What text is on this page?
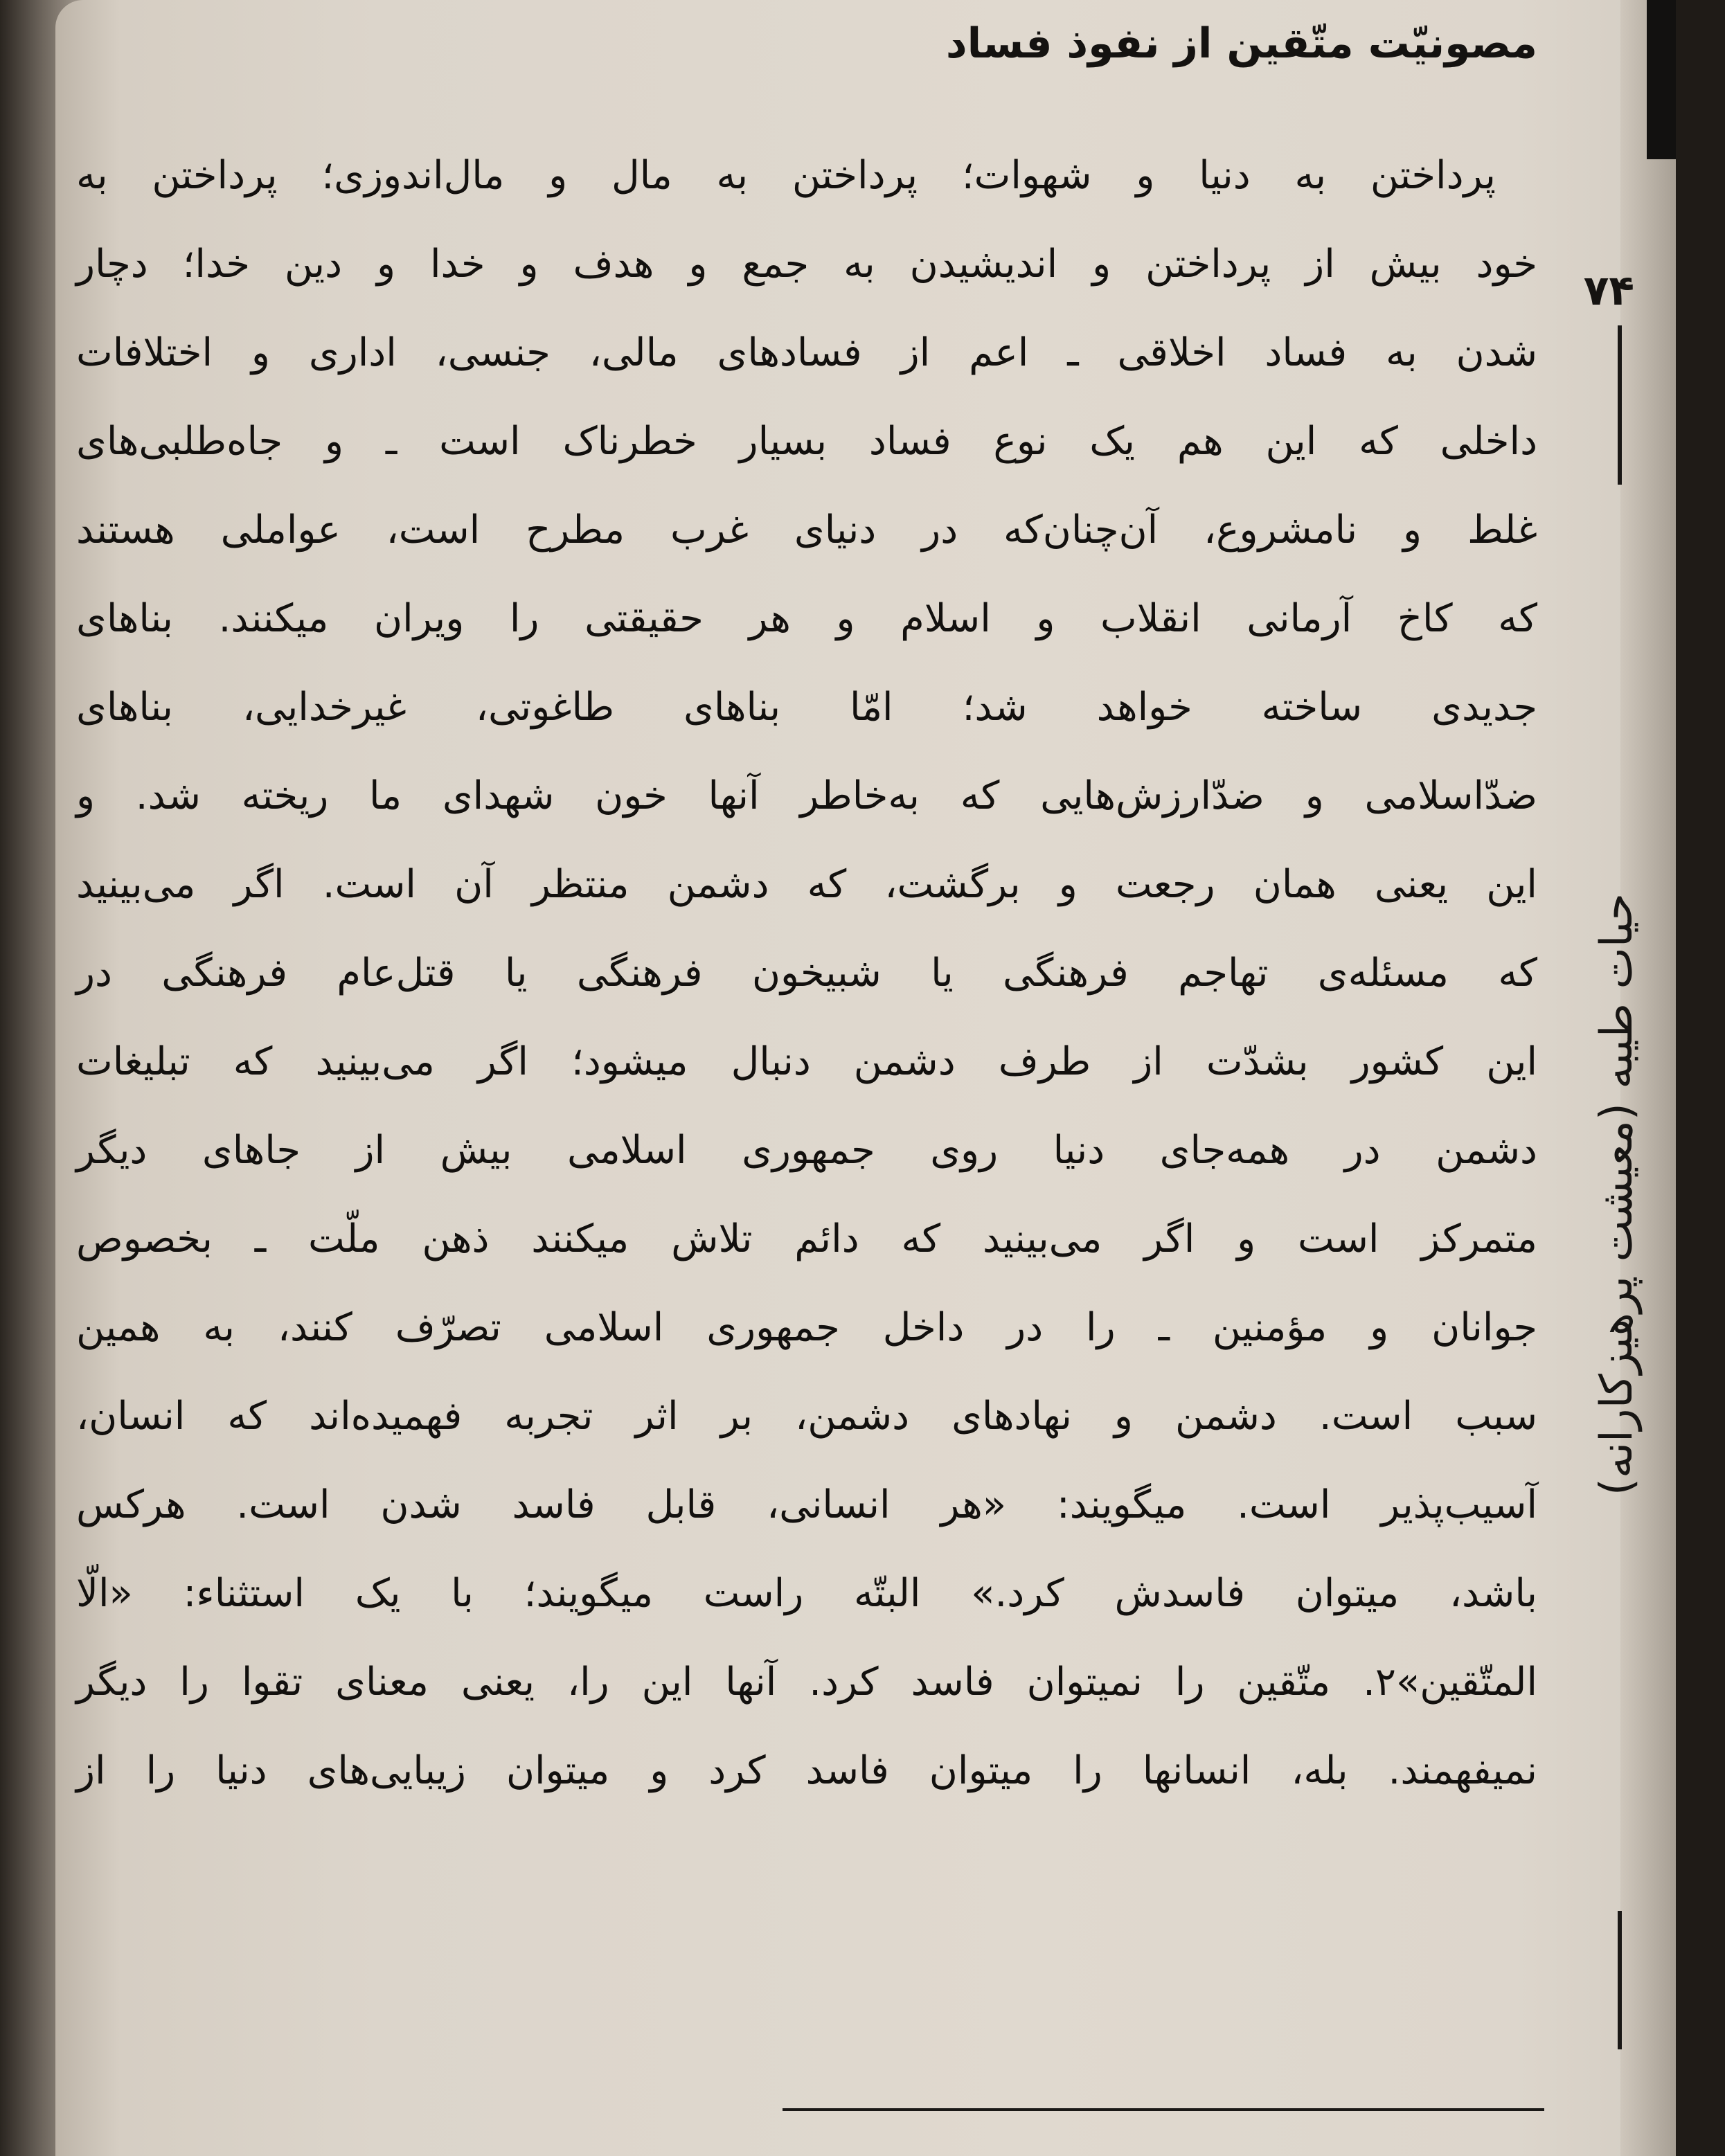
مصونیّت متّقین از نفوذ فساد
۷۴
حیات طیبه (معیشت پرهیزکارانه)
پرداختن به دنیا و شهوات؛ پرداختن به مال و مال‌اندوزی؛ پرداختن به
خود بیش از پرداختن و اندیشیدن به جمع و هدف و خدا و دین خدا؛ دچار
شدن به فساد اخلاقی ـ اعم از فسادهای مالی، جنسی، اداری و اختلافات
داخلی که این هم یک نوع فساد بسیار خطرناک است ـ و جاه‌طلبی‌های
غلط و نامشروع، آن‌چنان‌که در دنیای غرب مطرح است، عواملی هستند
که کاخ آرمانی انقلاب و اسلام و هر حقیقتی را ویران میکنند. بناهای
جدیدی ساخته خواهد شد؛ امّا بناهای طاغوتی، غیرخدایی، بناهای
ضدّاسلامی و ضدّارزش‌هایی که به‌خاطر آنها خون شهدای ما ریخته شد. و
این یعنی همان رجعت و برگشت، که دشمن منتظر آن است. اگر می‌بینید
که مسئله‌ی تهاجم فرهنگی یا شبیخون فرهنگی یا قتل‌عام فرهنگی در
این کشور بشدّت از طرف دشمن دنبال میشود؛ اگر می‌بینید که تبلیغات
دشمن در همه‌جای دنیا روی جمهوری اسلامی بیش از جاهای دیگر
متمرکز است و اگر می‌بینید که دائم تلاش میکنند ذهن ملّت ـ بخصوص
جوانان و مؤمنین ـ را در داخل جمهوری اسلامی تصرّف کنند، به همین
سبب است. دشمن و نهادهای دشمن، بر اثر تجربه فهمیده‌اند که انسان،
آسیب‌پذیر است. میگویند: «هر انسانی، قابل فاسد شدن است. هرکس
باشد، میتوان فاسدش کرد.» البتّه راست میگویند؛ با یک استثناء: «الّا
المتّقین»۲. متّقین را نمیتوان فاسد کرد. آنها این را، یعنی معنای تقوا را دیگر
نمیفهمند. بله، انسانها را میتوان فاسد کرد و میتوان زیبایی‌های دنیا را از
